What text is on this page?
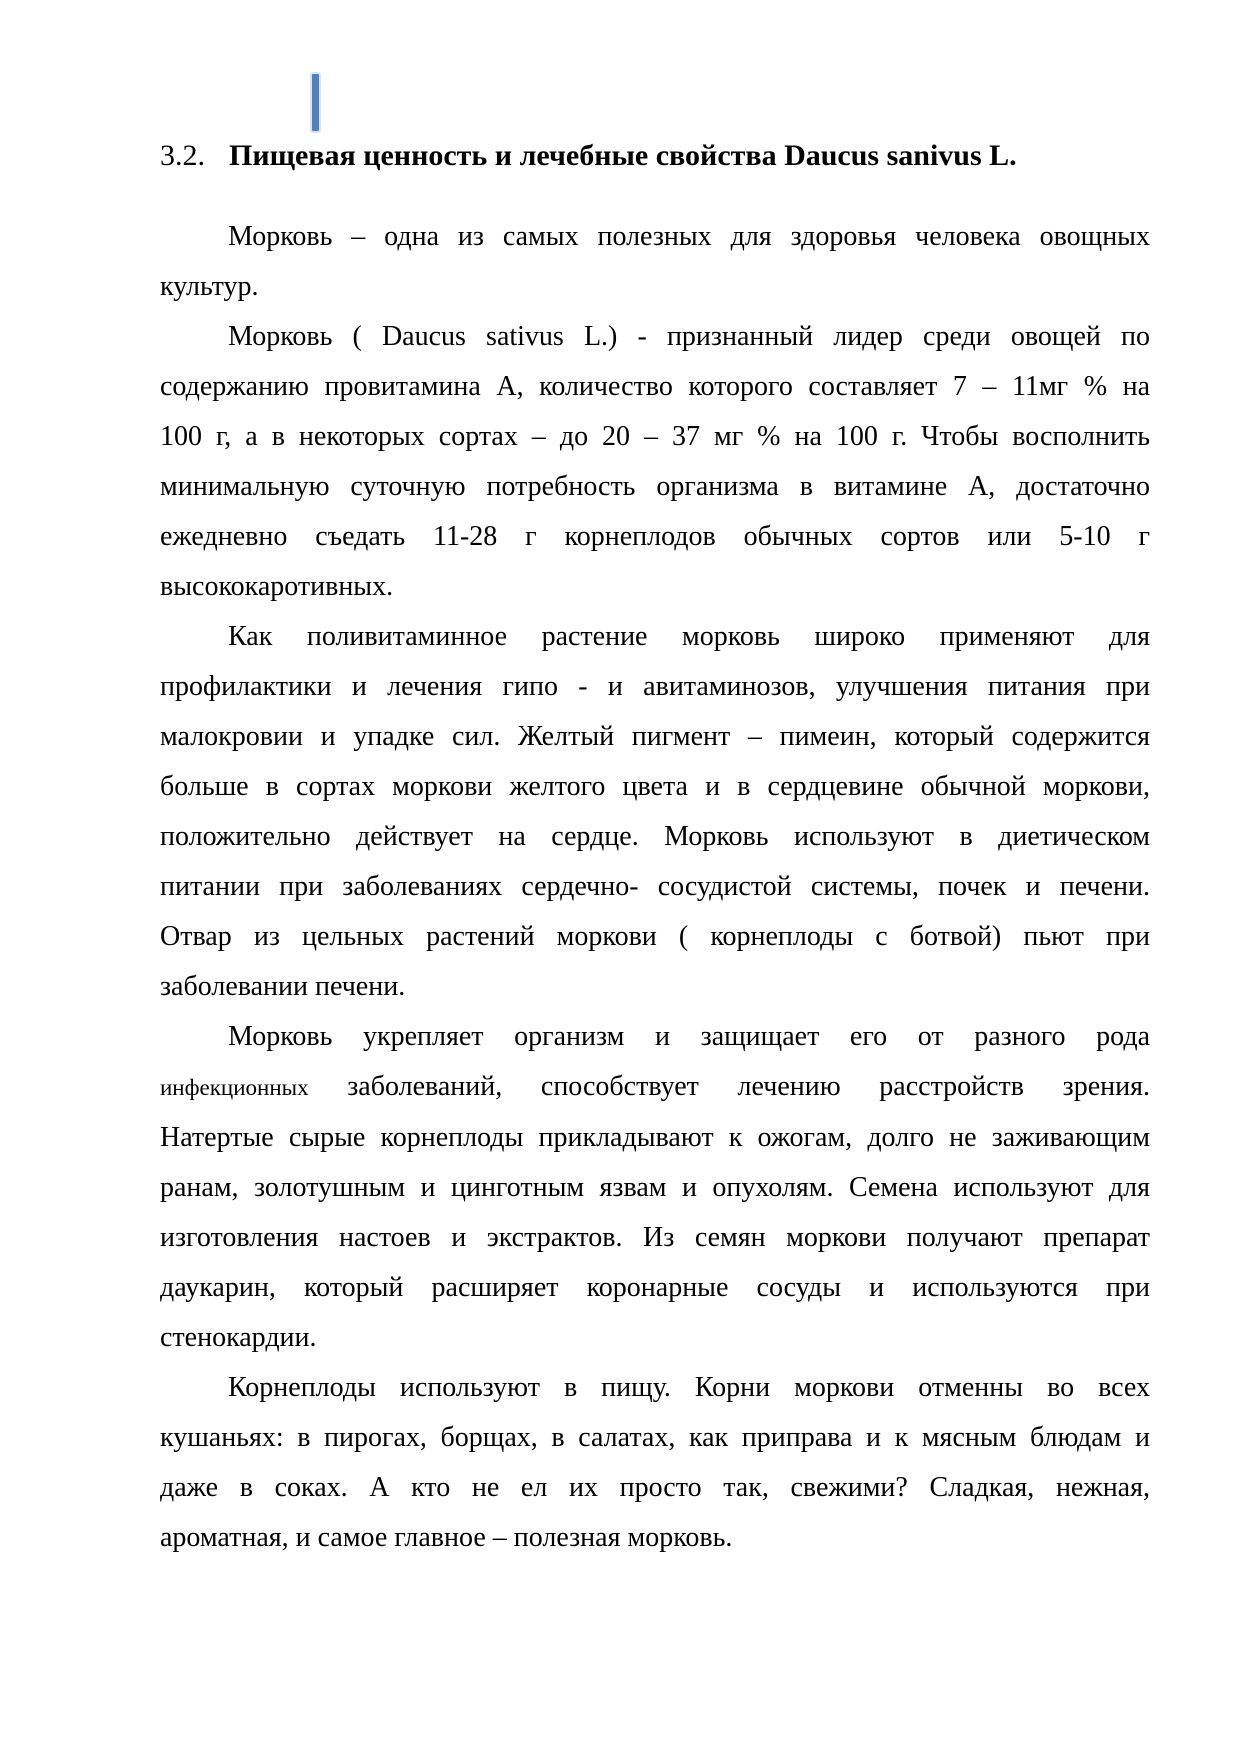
3.2. Пищевая ценность и лечебные свойства Daucus sanivus L.

Морковь – одна из самых полезных для здоровья человека овощных
культур.

Морковь ( Daucus sativus L.) - признанный лидер среди овощей по
содержанию провитамина А, количество которого составляет 7 – 11мг % на
100 г, а в некоторых сортах – до 20 – 37 мг % на 100 г. Чтобы восполнить
минимальную суточную потребность организма в витамине А, достаточно
ежедневно съедать 11-28 г корнеплодов обычных сортов или 5-10 г
высококаротивных.

Как поливитаминное растение морковь широко применяют для
профилактики и лечения гипо - и авитаминозов, улучшения питания при
малокровии и упадке сил. Желтый пигмент – пимеин, который содержится
больше в сортах моркови желтого цвета и в сердцевине обычной моркови,
положительно действует на сердце. Морковь используют в диетическом
питании при заболеваниях сердечно- сосудистой системы, почек и печени.
Отвар из цельных растений моркови ( корнеплоды с ботвой) пьют при
заболевании печени.

Морковь укрепляет организм и защищает его от разного рода
инфекционных заболеваний, способствует лечению расстройств зрения.
Натертые сырые корнеплоды прикладывают к ожогам, долго не заживающим
ранам, золотушным и цинготным язвам и опухолям. Семена используют для
изготовления настоев и экстрактов. Из семян моркови получают препарат
даукарин, который расширяет коронарные сосуды и используются при
стенокардии.

Корнеплоды используют в пищу. Корни моркови отменны во всех
кушаньях: в пирогах, борщах, в салатах, как приправа и к мясным блюдам и
даже в соках. А кто не ел их просто так, свежими? Сладкая, нежная,
ароматная, и самое главное – полезная морковь.
